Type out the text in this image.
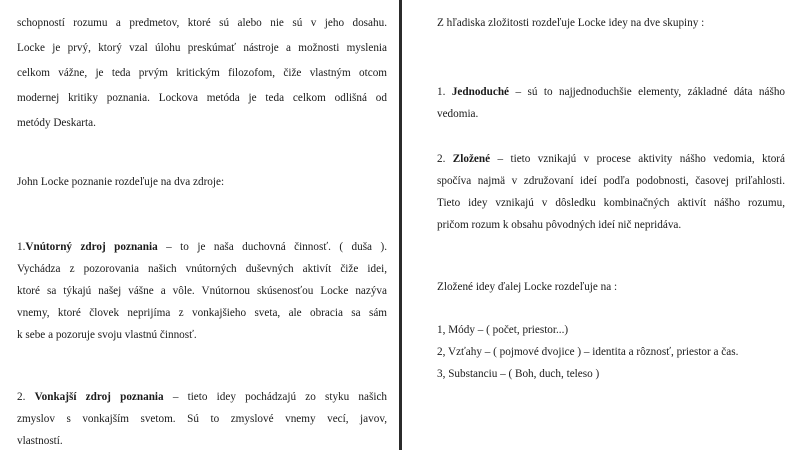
schopností rozumu a predmetov, ktoré sú alebo nie sú v jeho dosahu.
Locke je prvý, ktorý vzal úlohu preskúmať nástroje a možnosti myslenia
celkom vážne, je teda prvým kritickým filozofom, čiže vlastným otcom
modernej kritiky poznania. Lockova metóda je teda celkom odlišná od
metódy Deskarta.
John Locke poznanie rozdeľuje na dva zdroje:
1.Vnútorný zdroj poznania – to je naša duchovná činnosť. ( duša ).
Vychádza z pozorovania našich vnútorných duševných aktivít čiže idei,
ktoré sa týkajú našej vášne a vôle. Vnútornou skúsenosťou Locke nazýva
vnemy, ktoré človek neprijíma z vonkajšieho sveta, ale obracia sa sám
k sebe a pozoruje svoju vlastnú činnosť.
2. Vonkajší zdroj poznania – tieto idey pochádzajú zo styku našich
zmyslov s vonkajším svetom. Sú to zmyslové vnemy vecí, javov,
vlastností.
Z hľadiska zložitosti rozdeľuje Locke idey na dve skupiny :
1. Jednoduché – sú to najjednoduchšie elementy, základné dáta nášho
vedomia.
2. Zložené – tieto vznikajú v procese aktivity nášho vedomia, ktorá
spočíva najmä v združovaní ideí podľa podobnosti, časovej priľahlosti.
Tieto idey vznikajú v dôsledku kombinačných aktivít nášho rozumu,
pričom rozum k obsahu pôvodných ideí nič nepridáva.
Zložené idey ďalej Locke rozdeľuje na :
1, Módy – ( počet, priestor...)
2, Vzťahy – ( pojmové dvojice ) – identita a rôznosť, priestor a čas.
3, Substanciu – ( Boh, duch, teleso )
